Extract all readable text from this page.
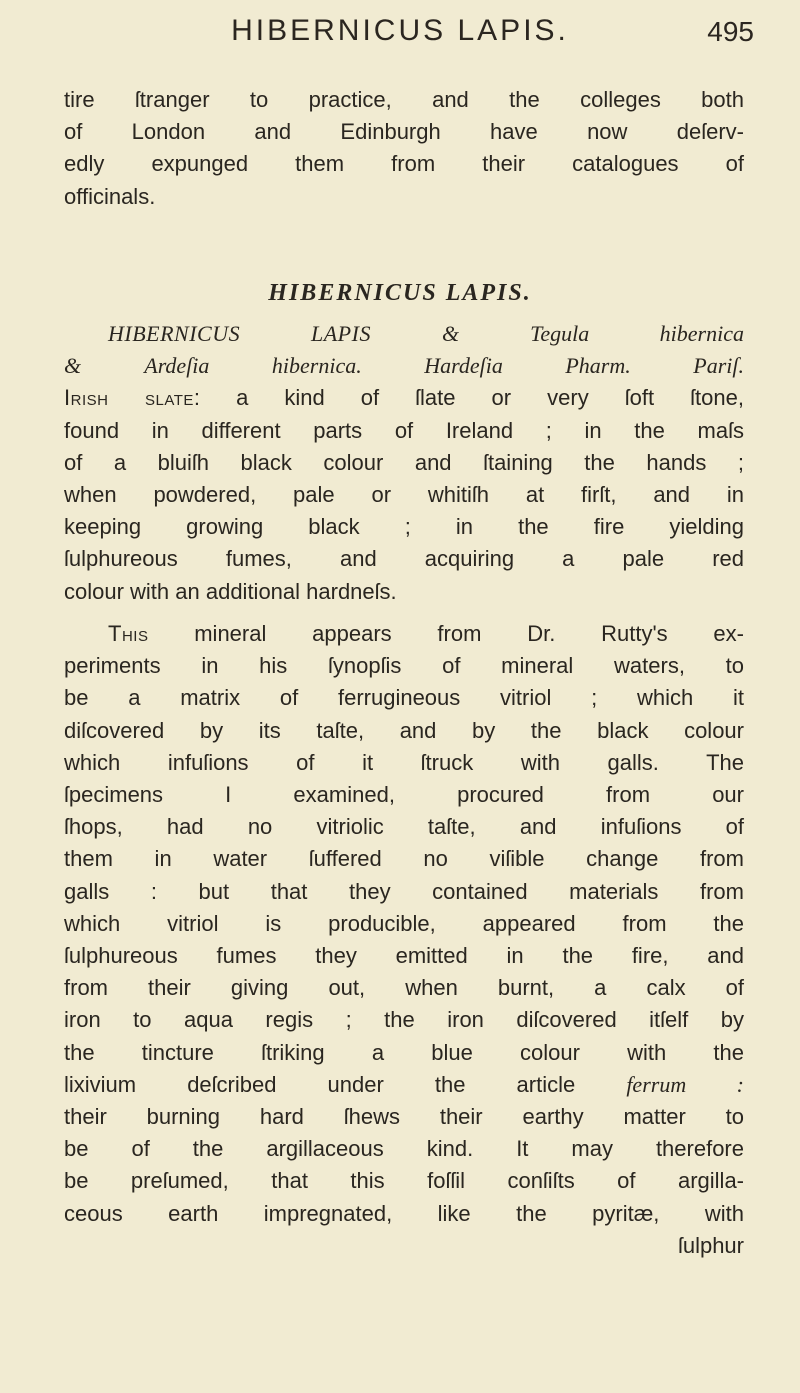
HIBERNICUS LAPIS.	495
tire ſtranger to practice, and the colleges both
of London and Edinburgh have now deſerv-
edly expunged them from their catalogues of
officinals.
HIBERNICUS LAPIS.
HIBERNICUS LAPIS	&	Tegula hibernica
&	Ardeſia hibernica. Hardeſia Pharm. Pariſ.
Irish slate: a kind of ſlate or very ſoft ſtone,
found in different parts of Ireland ; in the maſs
of a bluiſh black colour and ſtaining the hands ;
when powdered, pale or whitiſh at firſt, and in
keeping growing black ; in the fire yielding
ſulphureous fumes, and acquiring a pale red
colour with an additional hardneſs.
This mineral appears from Dr. Rutty's ex-
periments in his ſynopſis of mineral waters, to
be a matrix of ferrugineous vitriol ; which it
diſcovered by its taſte, and by the black colour
which infuſions of it ſtruck with galls. The
ſpecimens I examined, procured from our
ſhops, had no vitriolic taſte, and infuſions of
them in water ſuffered no viſible change from
galls : but that they contained materials from
which vitriol is producible, appeared from the
ſulphureous fumes they emitted in the fire, and
from their giving out, when burnt, a calx of
iron to aqua regis ; the iron diſcovered itſelf by
the tincture ſtriking a blue colour with the
lixivium deſcribed under the article ferrum :
their burning hard ſhews their earthy matter to
be of the argillaceous kind. It may therefore
be preſumed, that this foſſil conſiſts of argilla-
ceous earth impregnated, like the pyritæ, with
ſulphur
